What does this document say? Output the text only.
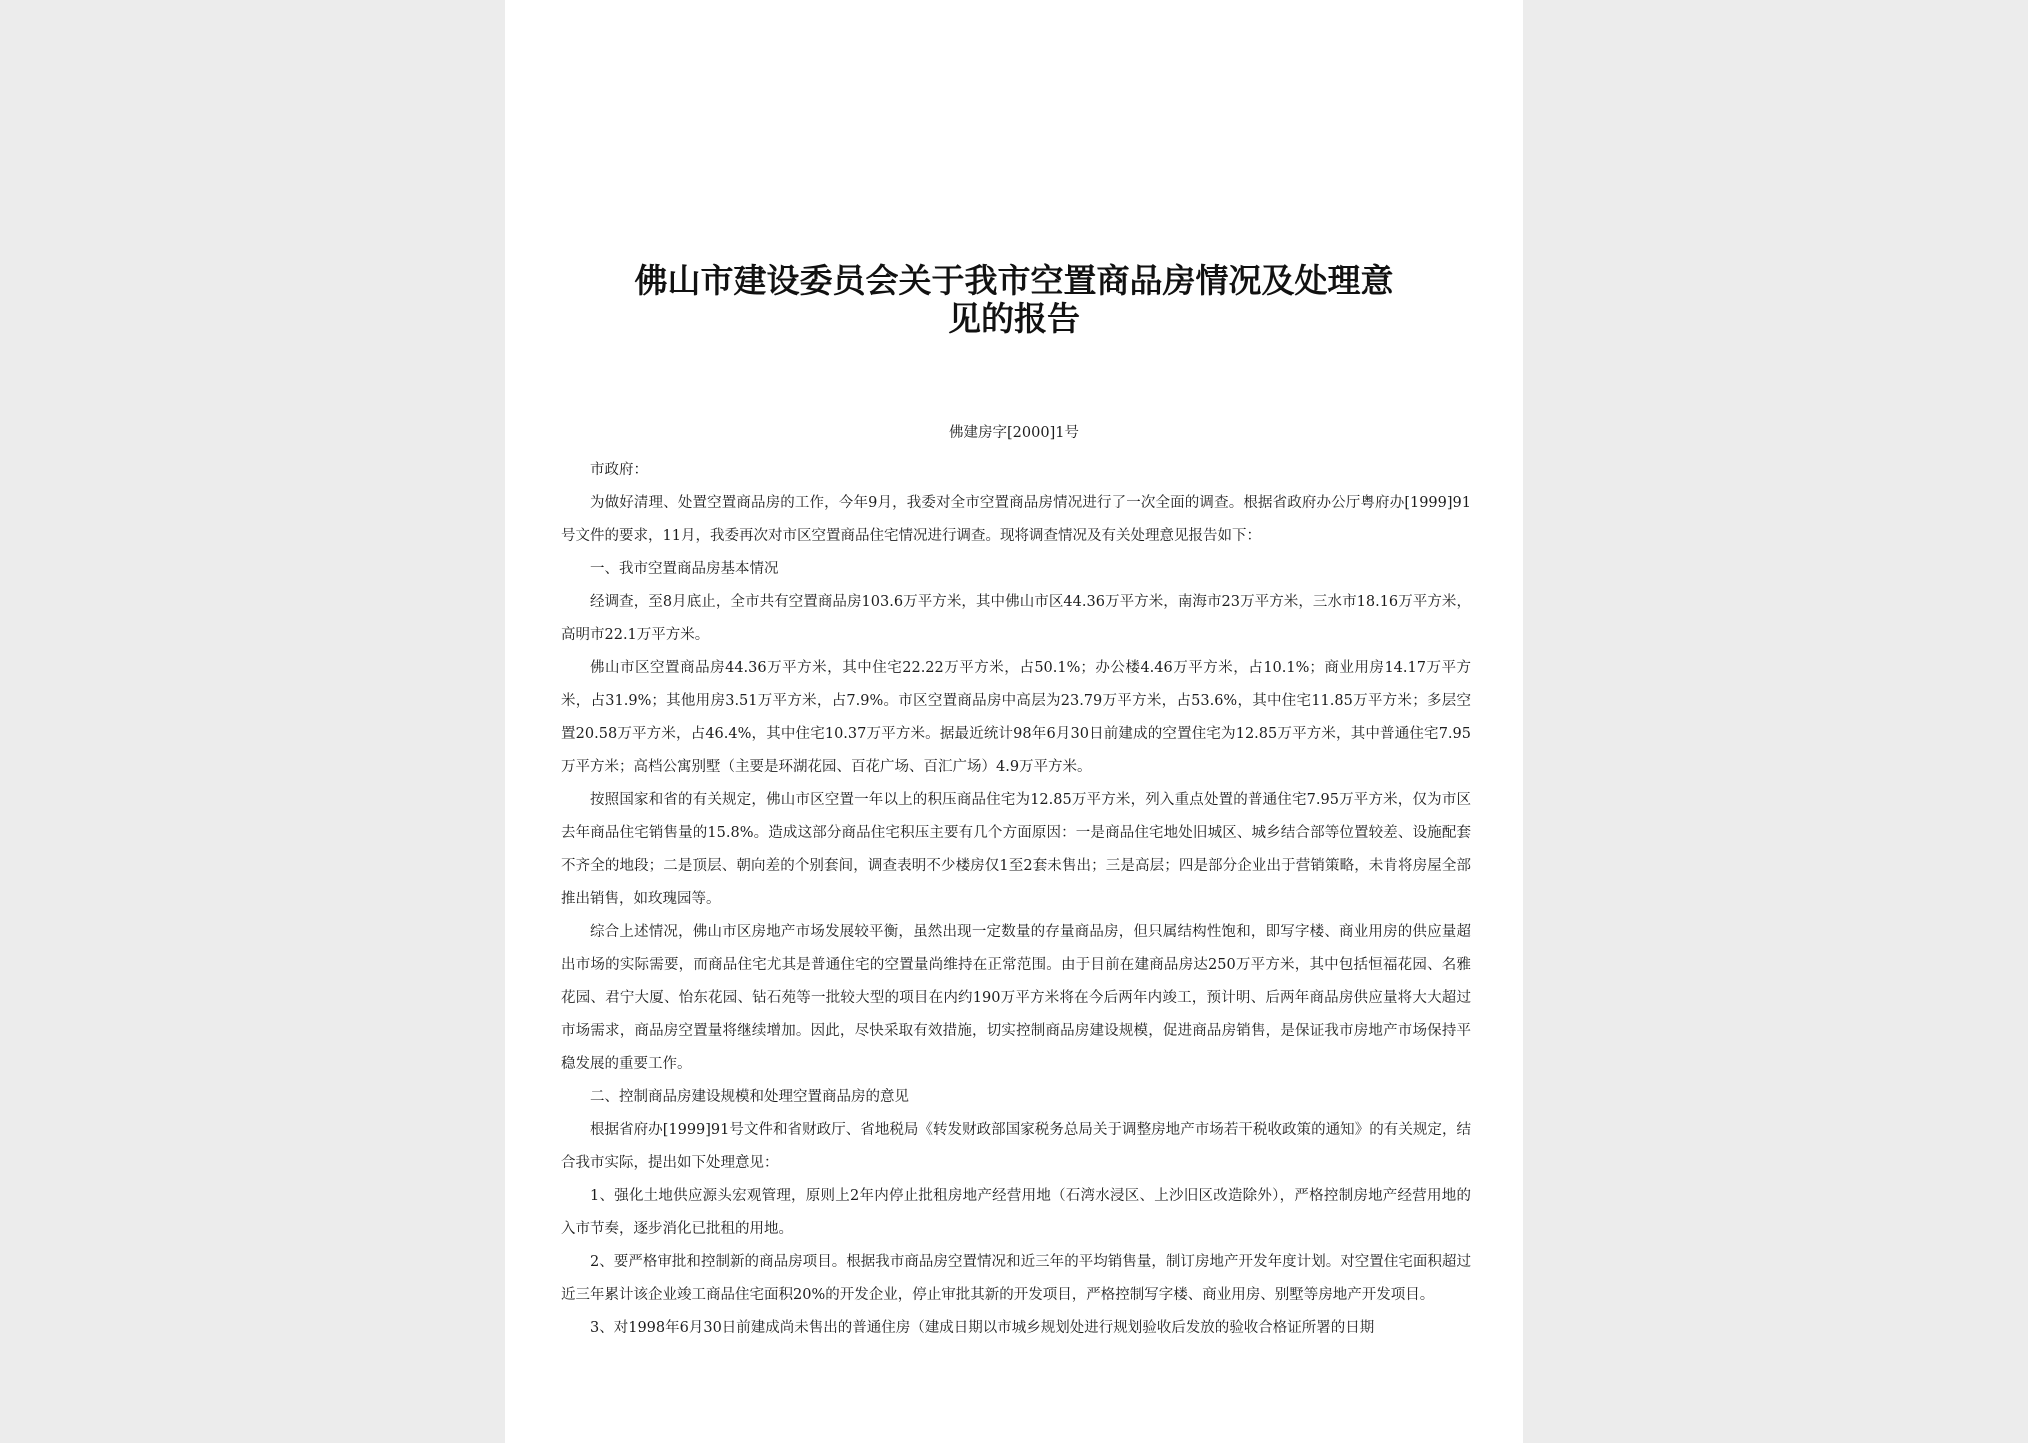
佛山市建设委员会关于我市空置商品房情况及处理意
见的报告

佛建房字[2000]1号

市政府：

为做好清理、处置空置商品房的工作，今年9月，我委对全市空置商品房情况进行了一次全面的调查。根据省政府办公厅粤府办[1999]91号文件的要求，11月，我委再次对市区空置商品住宅情况进行调查。现将调查情况及有关处理意见报告如下：

一、我市空置商品房基本情况

经调查，至8月底止，全市共有空置商品房103.6万平方米，其中佛山市区44.36万平方米，南海市23万平方米，三水市18.16万平方米，高明市22.1万平方米。

佛山市区空置商品房44.36万平方米，其中住宅22.22万平方米，占50.1%；办公楼4.46万平方米，占10.1%；商业用房14.17万平方米，占31.9%；其他用房3.51万平方米，占7.9%。市区空置商品房中高层为23.79万平方米，占53.6%，其中住宅11.85万平方米；多层空置20.58万平方米，占46.4%，其中住宅10.37万平方米。据最近统计98年6月30日前建成的空置住宅为12.85万平方米，其中普通住宅7.95万平方米；高档公寓别墅（主要是环湖花园、百花广场、百汇广场）4.9万平方米。

按照国家和省的有关规定，佛山市区空置一年以上的积压商品住宅为12.85万平方米，列入重点处置的普通住宅7.95万平方米，仅为市区去年商品住宅销售量的15.8%。造成这部分商品住宅积压主要有几个方面原因：一是商品住宅地处旧城区、城乡结合部等位置较差、设施配套不齐全的地段；二是顶层、朝向差的个别套间，调查表明不少楼房仅1至2套未售出；三是高层；四是部分企业出于营销策略，未肯将房屋全部推出销售，如玫瑰园等。

综合上述情况，佛山市区房地产市场发展较平衡，虽然出现一定数量的存量商品房，但只属结构性饱和，即写字楼、商业用房的供应量超出市场的实际需要，而商品住宅尤其是普通住宅的空置量尚维持在正常范围。由于目前在建商品房达250万平方米，其中包括恒福花园、名雅花园、君宁大厦、怡东花园、钻石苑等一批较大型的项目在内约190万平方米将在今后两年内竣工，预计明、后两年商品房供应量将大大超过市场需求，商品房空置量将继续增加。因此，尽快采取有效措施，切实控制商品房建设规模，促进商品房销售，是保证我市房地产市场保持平稳发展的重要工作。

二、控制商品房建设规模和处理空置商品房的意见

根据省府办[1999]91号文件和省财政厅、省地税局《转发财政部国家税务总局关于调整房地产市场若干税收政策的通知》的有关规定，结合我市实际，提出如下处理意见：

1、强化土地供应源头宏观管理，原则上2年内停止批租房地产经营用地（石湾水浸区、上沙旧区改造除外），严格控制房地产经营用地的入市节奏，逐步消化已批租的用地。

2、要严格审批和控制新的商品房项目。根据我市商品房空置情况和近三年的平均销售量，制订房地产开发年度计划。对空置住宅面积超过近三年累计该企业竣工商品住宅面积20%的开发企业，停止审批其新的开发项目，严格控制写字楼、商业用房、别墅等房地产开发项目。

3、对1998年6月30日前建成尚未售出的普通住房（建成日期以市城乡规划处进行规划验收后发放的验收合格证所署的日期
